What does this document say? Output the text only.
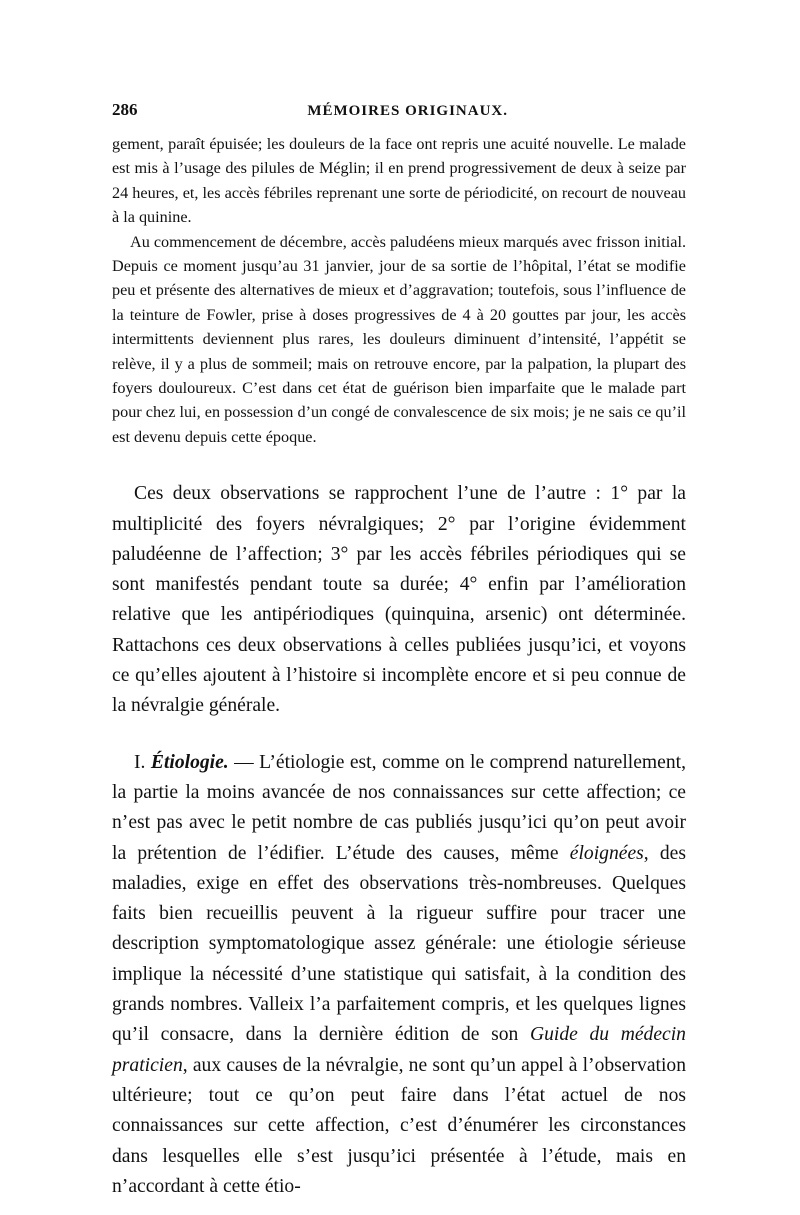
286	MÉMOIRES ORIGINAUX.

gement, paraît épuisée; les douleurs de la face ont repris une acuité nouvelle. Le malade est mis à l’usage des pilules de Méglin; il en prend progressivement de deux à seize par 24 heures, et, les accès fébriles reprenant une sorte de périodicité, on recourt de nouveau à la quinine.

Au commencement de décembre, accès paludéens mieux marqués avec frisson initial. Depuis ce moment jusqu’au 31 janvier, jour de sa sortie de l’hôpital, l’état se modifie peu et présente des alternatives de mieux et d’aggravation; toutefois, sous l’influence de la teinture de Fowler, prise à doses progressives de 4 à 20 gouttes par jour, les accès intermittents deviennent plus rares, les douleurs diminuent d’intensité, l’appétit se relève, il y a plus de sommeil; mais on retrouve encore, par la palpation, la plupart des foyers douloureux. C’est dans cet état de guérison bien imparfaite que le malade part pour chez lui, en possession d’un congé de convalescence de six mois; je ne sais ce qu’il est devenu depuis cette époque.

Ces deux observations se rapprochent l’une de l’autre : 1° par la multiplicité des foyers névralgiques; 2° par l’origine évidemment paludéenne de l’affection; 3° par les accès fébriles périodiques qui se sont manifestés pendant toute sa durée; 4° enfin par l’amélioration relative que les antipériodiques (quinquina, arsenic) ont déterminée. Rattachons ces deux observations à celles publiées jusqu’ici, et voyons ce qu’elles ajoutent à l’histoire si incomplète encore et si peu connue de la névralgie générale.

I. Étiologie. — L’étiologie est, comme on le comprend naturellement, la partie la moins avancée de nos connaissances sur cette affection; ce n’est pas avec le petit nombre de cas publiés jusqu’ici qu’on peut avoir la prétention de l’édifier. L’étude des causes, même éloignées, des maladies, exige en effet des observations très-nombreuses. Quelques faits bien recueillis peuvent à la rigueur suffire pour tracer une description symptomatologique assez générale: une étiologie sérieuse implique la nécessité d’une statistique qui satisfait, à la condition des grands nombres. Valleix l’a parfaitement compris, et les quelques lignes qu’il consacre, dans la dernière édition de son Guide du médecin praticien, aux causes de la névralgie, ne sont qu’un appel à l’observation ultérieure; tout ce qu’on peut faire dans l’état actuel de nos connaissances sur cette affection, c’est d’énumérer les circonstances dans lesquelles elle s’est jusqu’ici présentée à l’étude, mais en n’accordant à cette étio-
